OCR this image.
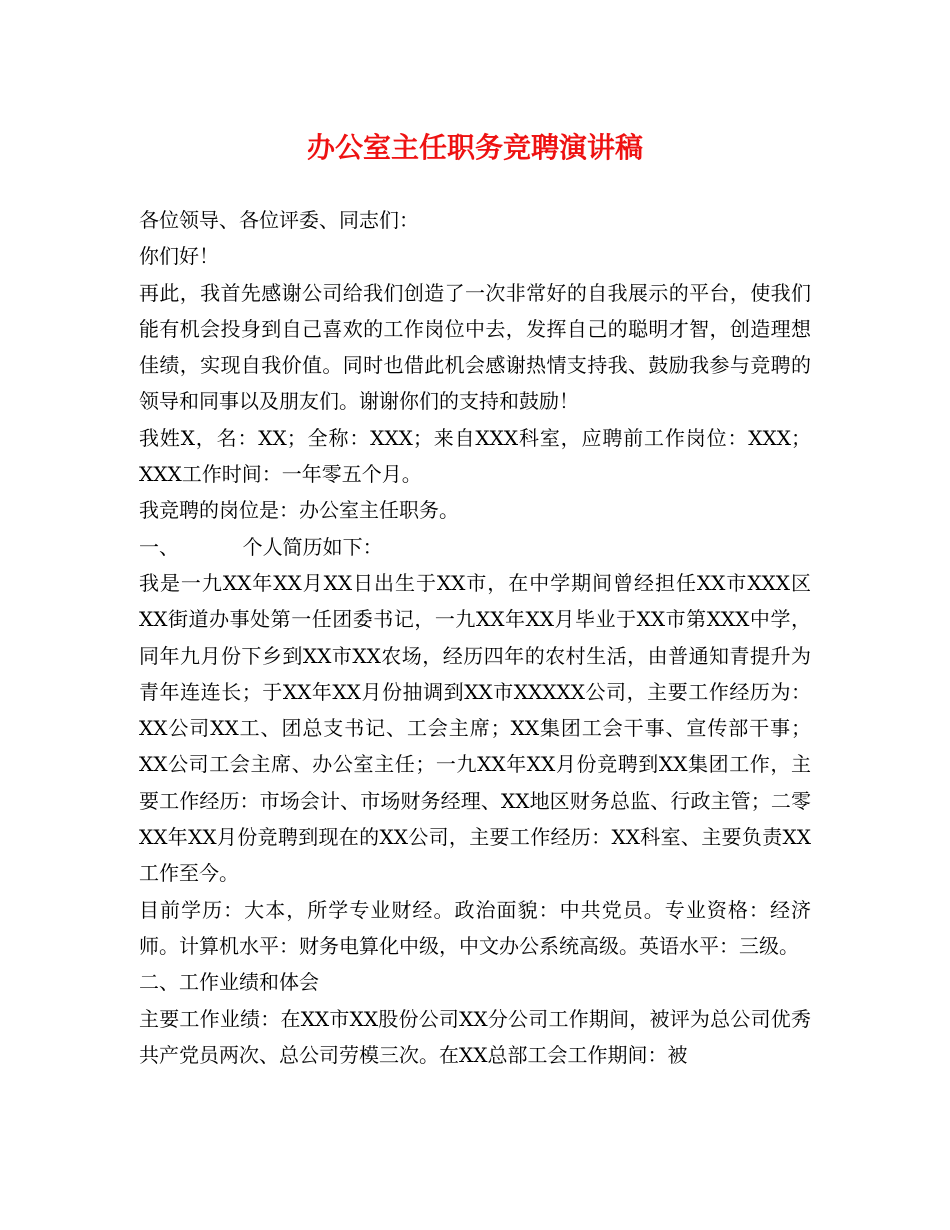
办公室主任职务竞聘演讲稿

各位领导、各位评委、同志们：

你们好！

再此，我首先感谢公司给我们创造了一次非常好的自我展示的平台，使我们能有机会投身到自己喜欢的工作岗位中去，发挥自己的聪明才智，创造理想佳绩，实现自我价值。同时也借此机会感谢热情支持我、鼓励我参与竞聘的领导和同事以及朋友们。谢谢你们的支持和鼓励！

我姓X，名：XX；全称：XXX；来自XXX科室，应聘前工作岗位：XXX；XXX工作时间：一年零五个月。

我竞聘的岗位是：办公室主任职务。

一、          个人简历如下：

我是一九XX年XX月XX日出生于XX市，在中学期间曾经担任XX市XXX区XX街道办事处第一任团委书记，一九XX年XX月毕业于XX市第XXX中学，同年九月份下乡到XX市XX农场，经历四年的农村生活，由普通知青提升为青年连连长；于XX年XX月份抽调到XX市XXXXX公司，主要工作经历为：XX公司XX工、团总支书记、工会主席；XX集团工会干事、宣传部干事；XX公司工会主席、办公室主任；一九XX年XX月份竞聘到XX集团工作，主要工作经历：市场会计、市场财务经理、XX地区财务总监、行政主管；二零XX年XX月份竞聘到现在的XX公司，主要工作经历：XX科室、主要负责XX工作至今。

目前学历：大本，所学专业财经。政治面貌：中共党员。专业资格：经济师。计算机水平：财务电算化中级，中文办公系统高级。英语水平：三级。

二、工作业绩和体会

主要工作业绩：在XX市XX股份公司XX分公司工作期间，被评为总公司优秀共产党员两次、总公司劳模三次。在XX总部工会工作期间：被
